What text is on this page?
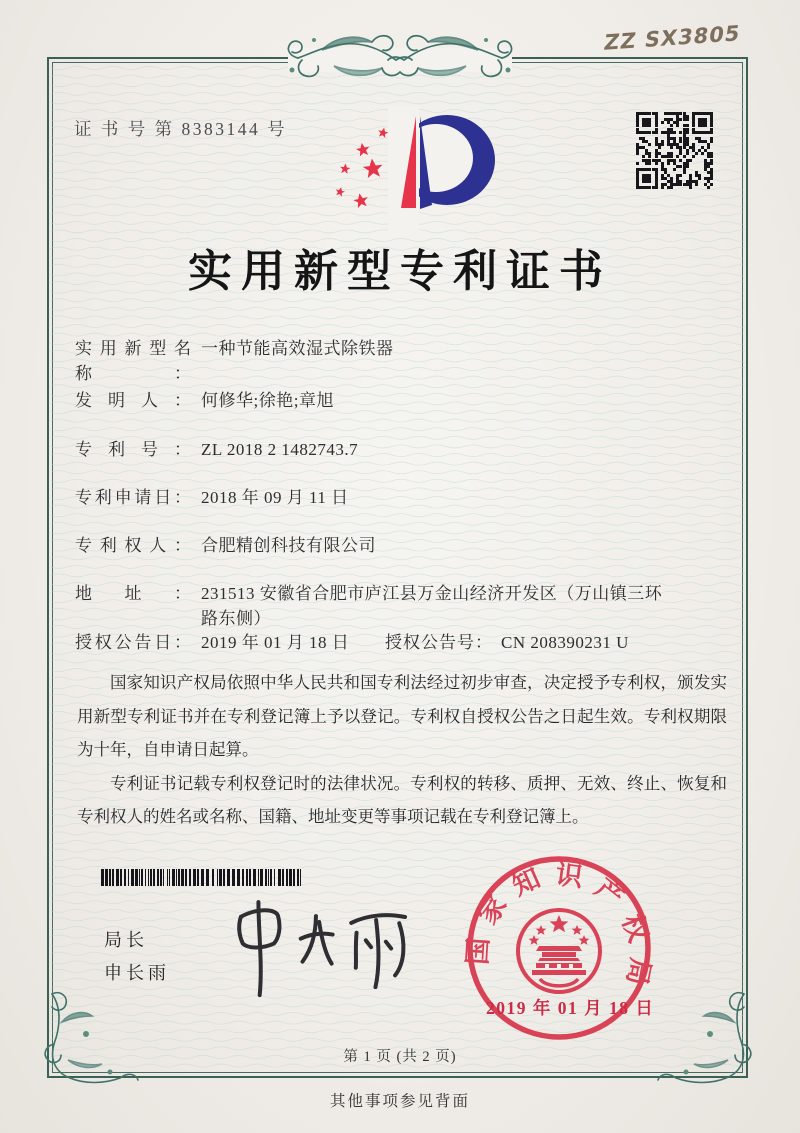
ZZ SX3805
证 书 号 第 8383144 号
实用新型专利证书
实用新型名称：一种节能高效湿式除铁器
发明人： 何修华;徐艳;章旭
专利号： ZL 2018 2 1482743.7
专利申请日： 2018 年 09 月 11 日
专利权人： 合肥精创科技有限公司
地址： 231513 安徽省合肥市庐江县万金山经济开发区（万山镇三环路东侧）
授权公告日： 2019 年 01 月 18 日 授权公告号： CN 208390231 U

国家知识产权局依照中华人民共和国专利法经过初步审查，决定授予专利权，颁发实用新型专利证书并在专利登记簿上予以登记。专利权自授权公告之日起生效。专利权期限为十年，自申请日起算。

专利证书记载专利权登记时的法律状况。专利权的转移、质押、无效、终止、恢复和专利权人的姓名或名称、国籍、地址变更等事项记载在专利登记簿上。

局长
申长雨
国家知识产权局
2019 年 01 月 18 日
第 1 页 (共 2 页)
其他事项参见背面
